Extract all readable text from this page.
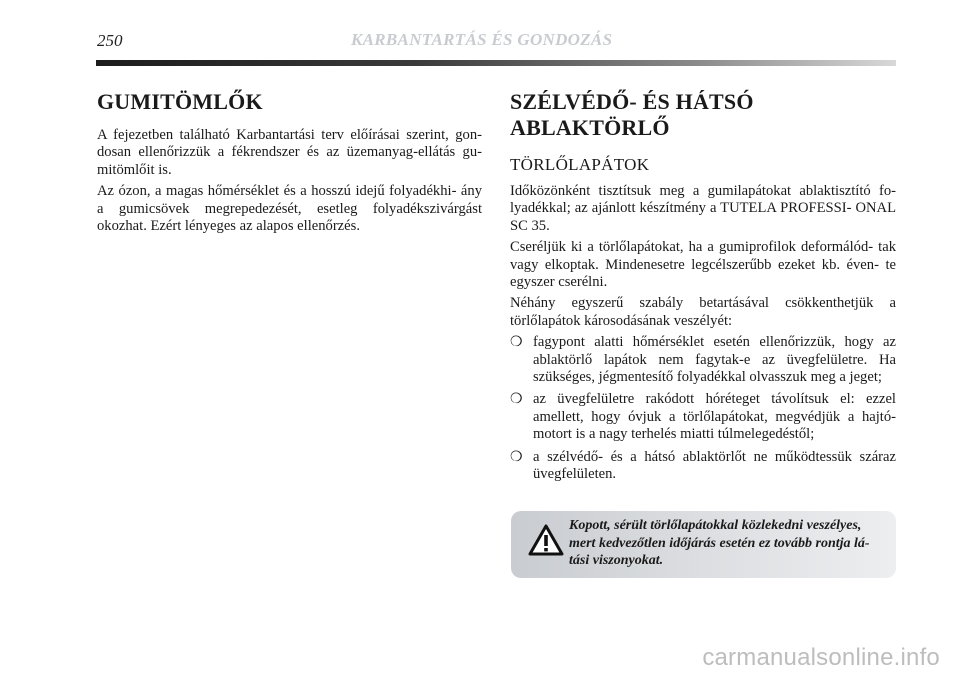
250	KARBANTARTÁS ÉS GONDOZÁS
GUMITÖMLŐK

A fejezetben található Karbantartási terv előírásai szerint, gon- dosan ellenőrizzük a fékrendszer és az üzemanyag-ellátás gu- mitömlőit is.

Az ózon, a magas hőmérséklet és a hosszú idejű folyadékhi- ány a gumicsövek megrepedezését, esetleg folyadékszivárgást okozhat. Ezért lényeges az alapos ellenőrzés.

SZÉLVÉDŐ- ÉS HÁTSÓ
ABLAKTÖRLŐ
TÖRLŐLAPÁTOK

Időközönként tisztítsuk meg a gumilapátokat ablaktisztító fo- lyadékkal; az ajánlott készítmény a TUTELA PROFESSI- ONAL SC 35.

Cseréljük ki a törlőlapátokat, ha a gumiprofilok deformálód- tak vagy elkoptak. Mindenesetre legcélszerűbb ezeket kb. éven- te egyszer cserélni.

Néhány egyszerű szabály betartásával csökkenthetjük a törlőlapátok károsodásának veszélyét:

❍ fagypont alatti hőmérséklet esetén ellenőrizzük, hogy az ablaktörlő lapátok nem fagytak-e az üvegfelületre. Ha szükséges, jégmentesítő folyadékkal olvasszuk meg a jeget;
❍ az üvegfelületre rakódott hóréteget távolítsuk el: ezzel amellett, hogy óvjuk a törlőlapátokat, megvédjük a hajtó- motort is a nagy terhelés miatti túlmelegedéstől;
❍ a szélvédő- és a hátsó ablaktörlőt ne működtessük száraz üvegfelületen.
Kopott, sérült törlőlapátokkal közlekedni veszélyes, mert kedvezőtlen időjárás esetén ez tovább rontja lá- tási viszonyokat.
carmanualsonline.info
